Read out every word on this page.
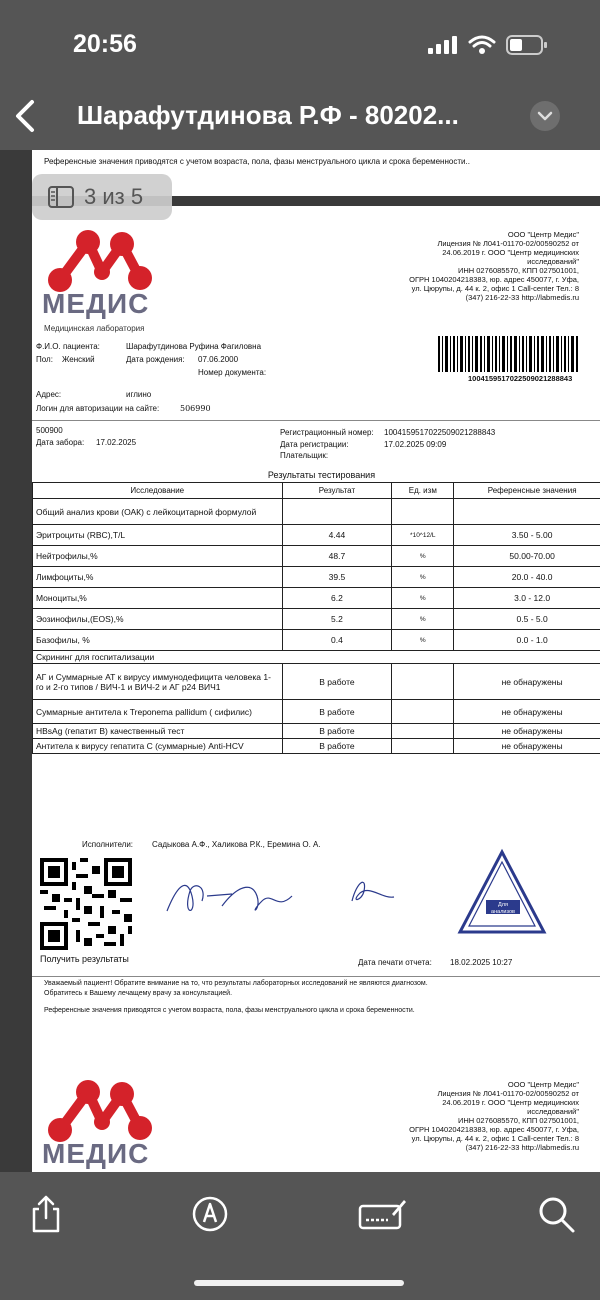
20:56
Шарафутдинова Р.Ф - 80202...
Референсные значения приводятся с учетом возраста, пола, фазы менструального цикла и срока беременности..
МЕДИС
Медицинская лаборатория
ООО "Центр Медис"
Лицензия № Л041-01170-02/00590252 от
24.06.2019 г. ООО "Центр медицинских
исследований"
ИНН 0276085570, КПП 027501001,
ОГРН 1040204218383, юр. адрес 450077, г. Уфа,
ул. Цюрупы, д. 44 к. 2, офис 1 Call-center Тел.: 8
(347) 216-22-33 http://labmedis.ru
Ф.И.О. пациента:	Шарафутдинова Руфина Фагиловна
Пол: Женский	Дата рождения: 07.06.2000
Номер документа:
1004159517022509021288843
Адрес:	иглино
Логин для авторизации на сайте:	506990
500900
Дата забора: 17.02.2025
Регистрационный номер: 1004159517022509021288843
Дата регистрации:	17.02.2025 09:09
Плательщик:
Результаты тестирования
Исследование	Результат	Ед. изм	Референсные значения
Общий анализ крови (ОАК) с лейкоцитарной формулой			
Эритроциты (RBC),T/L	4.44	*10^12/L	3.50 - 5.00
Нейтрофилы,%	48.7	%	50.00-70.00
Лимфоциты,%	39.5	%	20.0 - 40.0
Моноциты,%	6.2	%	3.0 - 12.0
Эозинофилы,(EOS),%	5.2	%	0.5 - 5.0
Базофилы, %	0.4	%	0.0 - 1.0
Скрининг для госпитализации			
АГ и Суммарные АТ к вирусу иммунодефицита человека 1-го и 2-го типов / ВИЧ-1 и ВИЧ-2 и АГ р24 ВИЧ1	В работе		не обнаружены
Суммарные антитела к Treponema pallidum ( сифилис)	В работе		не обнаружены
HBsAg (гепатит В) качественный тест	В работе		не обнаружены
Антитела к вирусу гепатита С (суммарные) Anti-HCV	В работе		не обнаружены
Исполнители: Садыкова А.Ф., Халикова Р.К., Еремина О. А.
Получить результаты
Для
анализов
Дата печати отчета: 18.02.2025 10:27
Уважаемый пациент! Обратите внимание на то, что результаты лабораторных исследований не являются диагнозом.
Обратитесь к Вашему лечащему врачу за консультацией.
Референсные значения приводятся с учетом возраста, пола, фазы менструального цикла и срока беременности.
МЕДИС
ООО "Центр Медис"
Лицензия № Л041-01170-02/00590252 от
24.06.2019 г. ООО "Центр медицинских
исследований"
ИНН 0276085570, КПП 027501001,
ОГРН 1040204218383, юр. адрес 450077, г. Уфа,
ул. Цюрупы, д. 44 к. 2, офис 1 Call-center Тел.: 8
(347) 216-22-33 http://labmedis.ru
3 из 5
